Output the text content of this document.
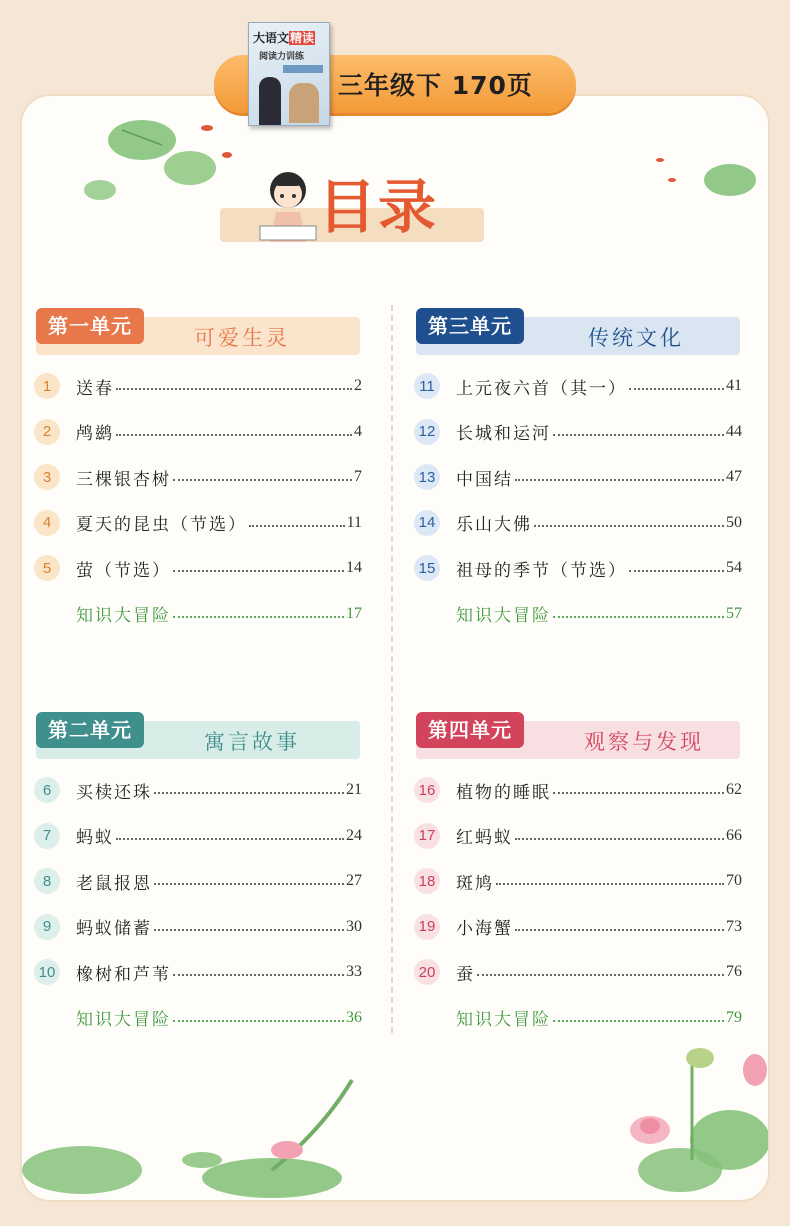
三年级下 170页
大语文精读
阅读力训练
目录
第一单元	可爱生灵
1	送春	2
2	鸬鹚	4
3	三棵银杏树	7
4	夏天的昆虫（节选）	11
5	萤（节选）	14
知识大冒险	17
第三单元	传统文化
11	上元夜六首（其一）	41
12 长城和运河	44
13 中国结	47
14 乐山大佛	50
15 祖母的季节（节选）	54
知识大冒险	57
第二单元	寓言故事
6	买椟还珠	21
7	蚂蚁	24
8	老鼠报恩	27
9	蚂蚁储蓄	30
10 橡树和芦苇	33
知识大冒险	36
第四单元	观察与发现
16 植物的睡眠	62
17 红蚂蚁	66
18 斑鸠	70
19 小海蟹	73
20 蚕	76
知识大冒险	79
